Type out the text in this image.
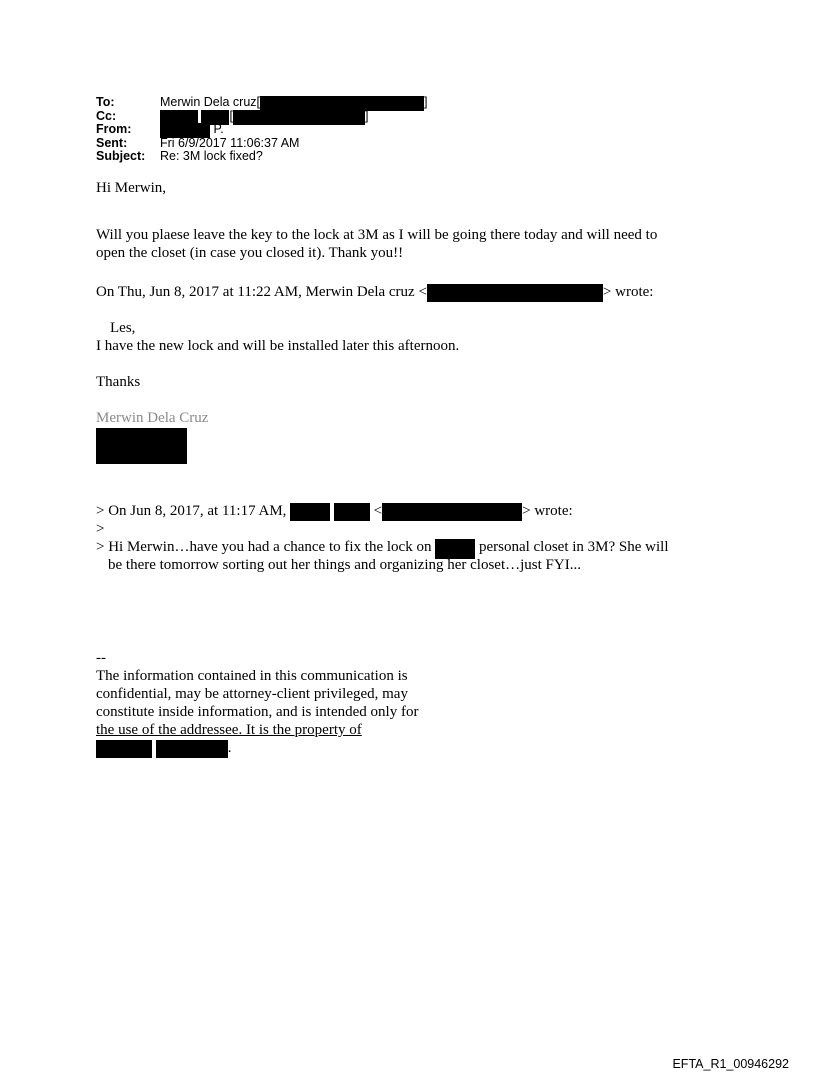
To:	Merwin Dela cruz[	]
Cc:	[	]
From:	P.
Sent:	Fri 6/9/2017 11:06:37 AM
Subject: Re: 3M lock fixed?
Hi Merwin,
Will you plaese leave the key to the lock at 3M as I will be going there today and will need to
open the closet (in case you closed it). Thank you!!
On Thu, Jun 8, 2017 at 11:22 AM, Merwin Dela cruz <	> wrote:
Les,
I have the new lock and will be installed later this afternoon.
Thanks
Merwin Dela Cruz
> On Jun 8, 2017, at 11:17 AM,	<	> wrote:
>
> Hi Merwin…have you had a chance to fix the lock on	personal closet in 3M? She will
be there tomorrow sorting out her things and organizing her closet…just FYI...
--
The information contained in this communication is
confidential, may be attorney-client privileged, may
constitute inside information, and is intended only for
the use of the addressee. It is the property of
.
EFTA_R1_00946292
